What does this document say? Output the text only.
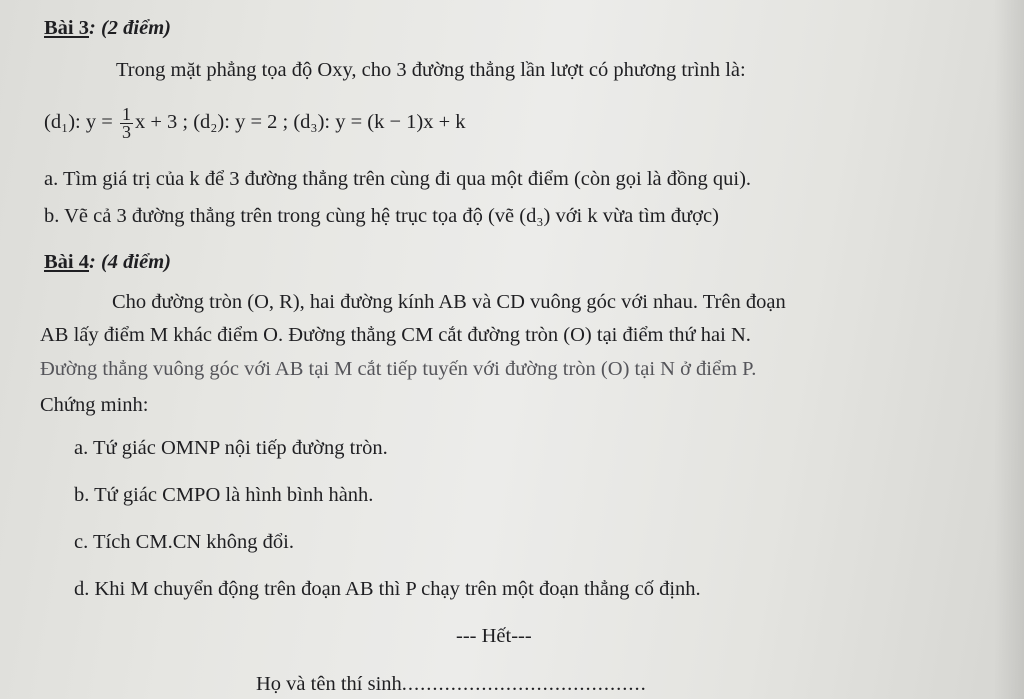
Bài 3: (2 điểm)
Trong mặt phẳng tọa độ Oxy, cho 3 đường thẳng lần lượt có phương trình là:
(d₁): $y = \frac{1}{3}$ x + 3 ; (d₂): y = 2 ; (d₃): y = (k − 1)x + k
a. Tìm giá trị của k để 3 đường thẳng trên cùng đi qua một điểm (còn gọi là đồng qui).
b. Vẽ cả 3 đường thẳng trên trong cùng hệ trục tọa độ (vẽ (d₃) với k vừa tìm được)
Bài 4: (4 điểm)
Cho đường tròn (O, R), hai đường kính AB và CD vuông góc với nhau. Trên đoạn
AB lấy điểm M khác điểm O. Đường thẳng CM cắt đường tròn (O) tại điểm thứ hai N.
Đường thẳng vuông góc với AB tại M cắt tiếp tuyến với đường tròn (O) tại N ở điểm P.
Chứng minh:
a. Tứ giác OMNP nội tiếp đường tròn.
b. Tứ giác CMPO là hình bình hành.
c. Tích CM.CN không đổi.
d. Khi M chuyển động trên đoạn AB thì P chạy trên một đoạn thẳng cố định.
--- Hết---
Họ và tên thí sinh........................................
